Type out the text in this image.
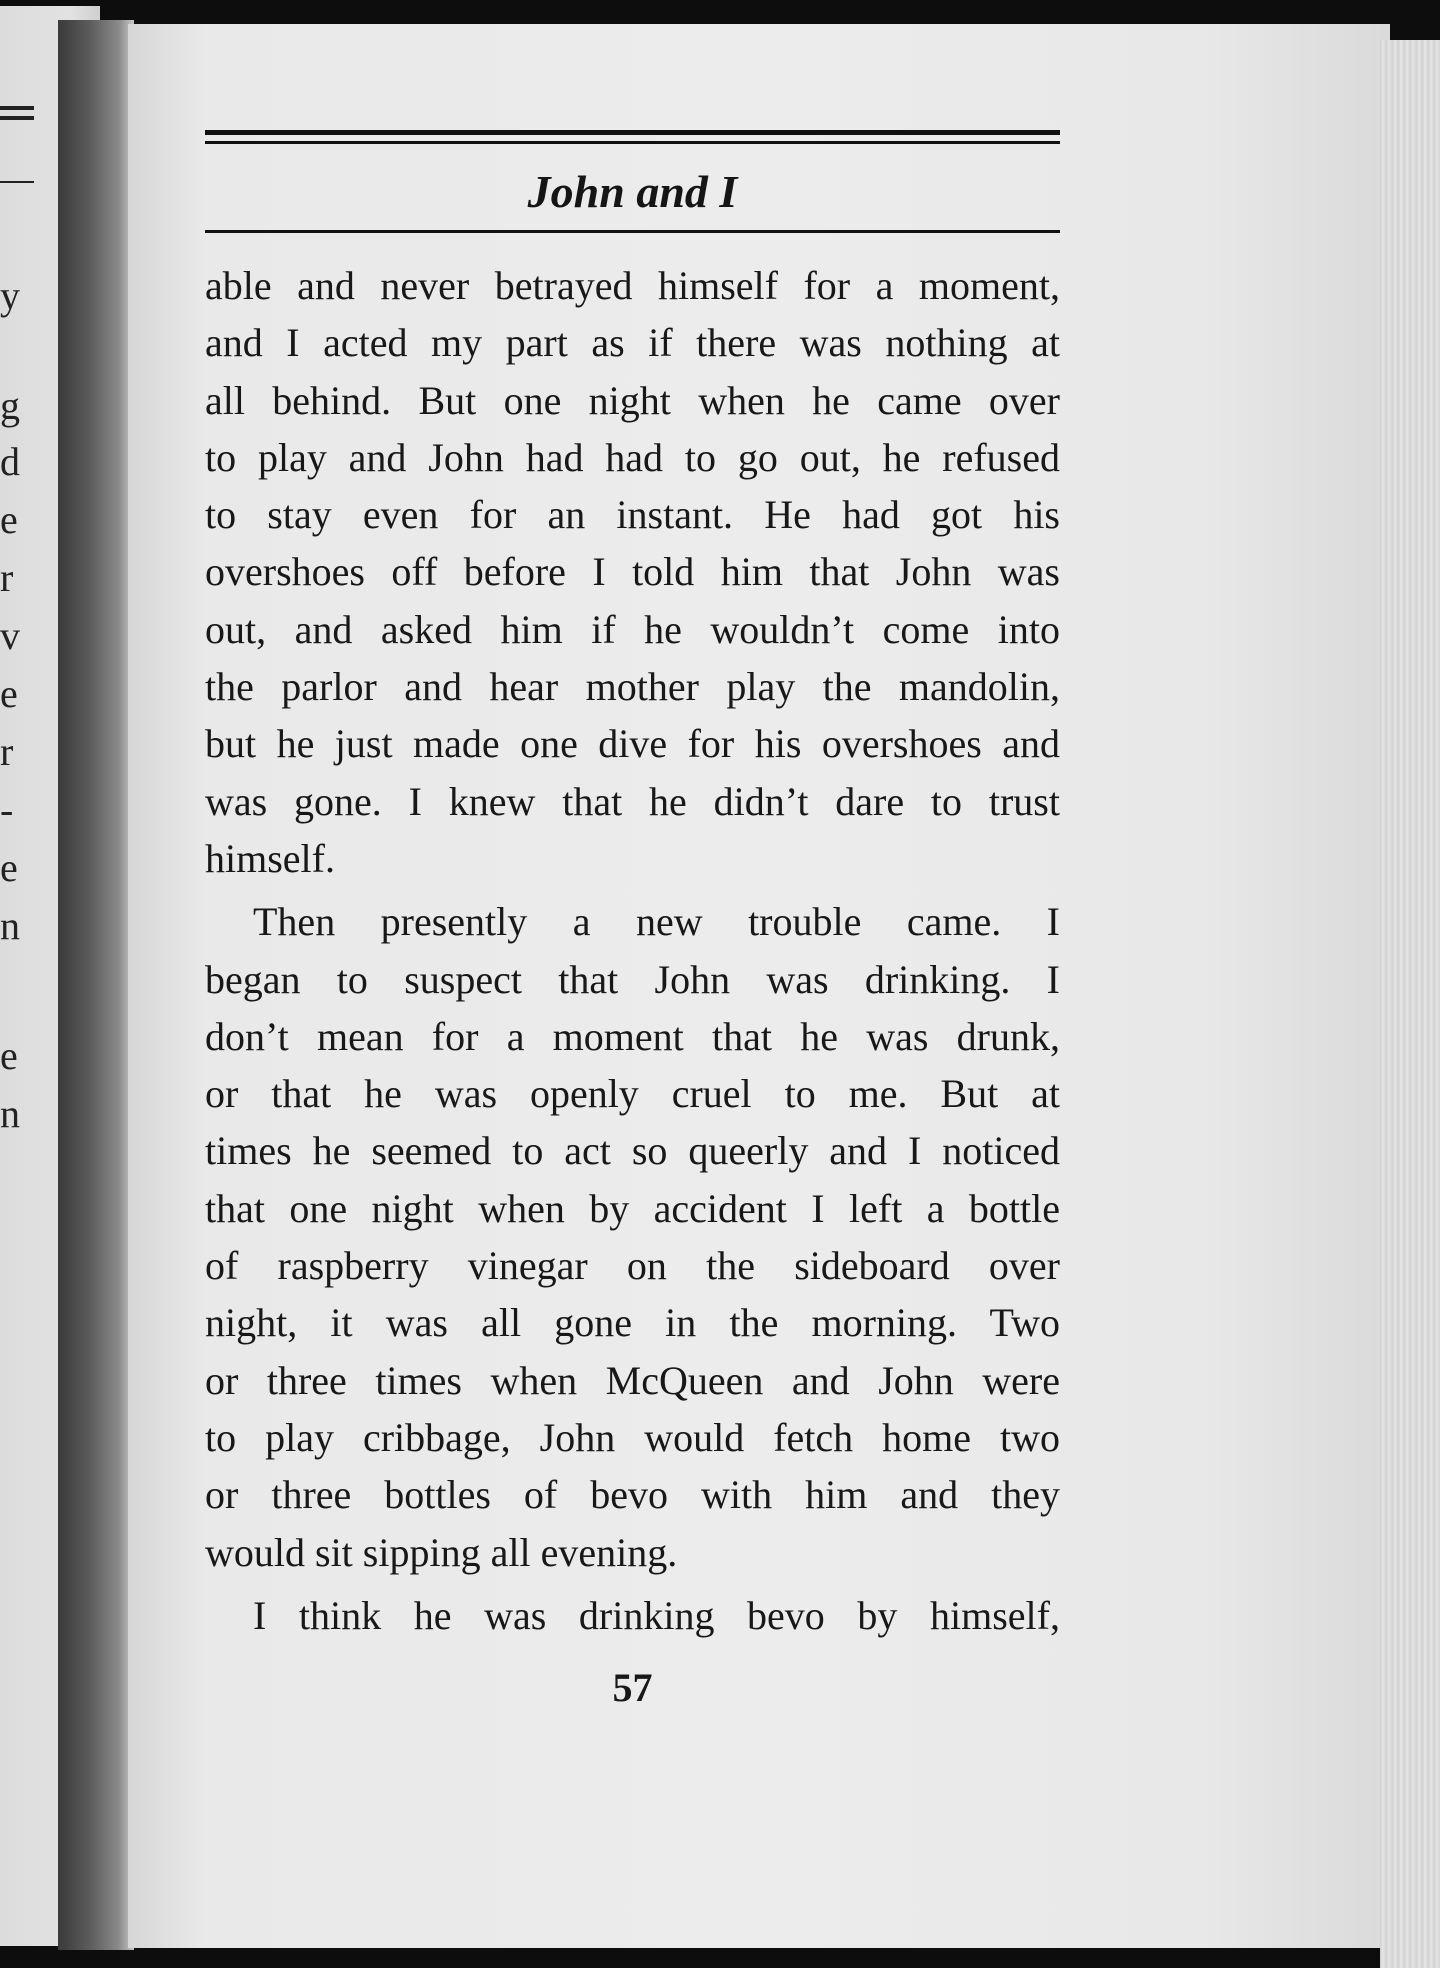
y
g
d
e
r
v
e
r
-
e
n
e
n
John and I
able and never betrayed himself for a moment,
and I acted my part as if there was nothing at
all behind. But one night when he came over
to play and John had had to go out, he refused
to stay even for an instant. He had got his
overshoes off before I told him that John was
out, and asked him if he wouldn’t come into
the parlor and hear mother play the mandolin,
but he just made one dive for his overshoes and
was gone. I knew that he didn’t dare to trust
himself.
Then presently a new trouble came. I
began to suspect that John was drinking. I
don’t mean for a moment that he was drunk,
or that he was openly cruel to me. But at
times he seemed to act so queerly and I noticed
that one night when by accident I left a bottle
of raspberry vinegar on the sideboard over
night, it was all gone in the morning. Two
or three times when McQueen and John were
to play cribbage, John would fetch home two
or three bottles of bevo with him and they
would sit sipping all evening.
I think he was drinking bevo by himself,
57
